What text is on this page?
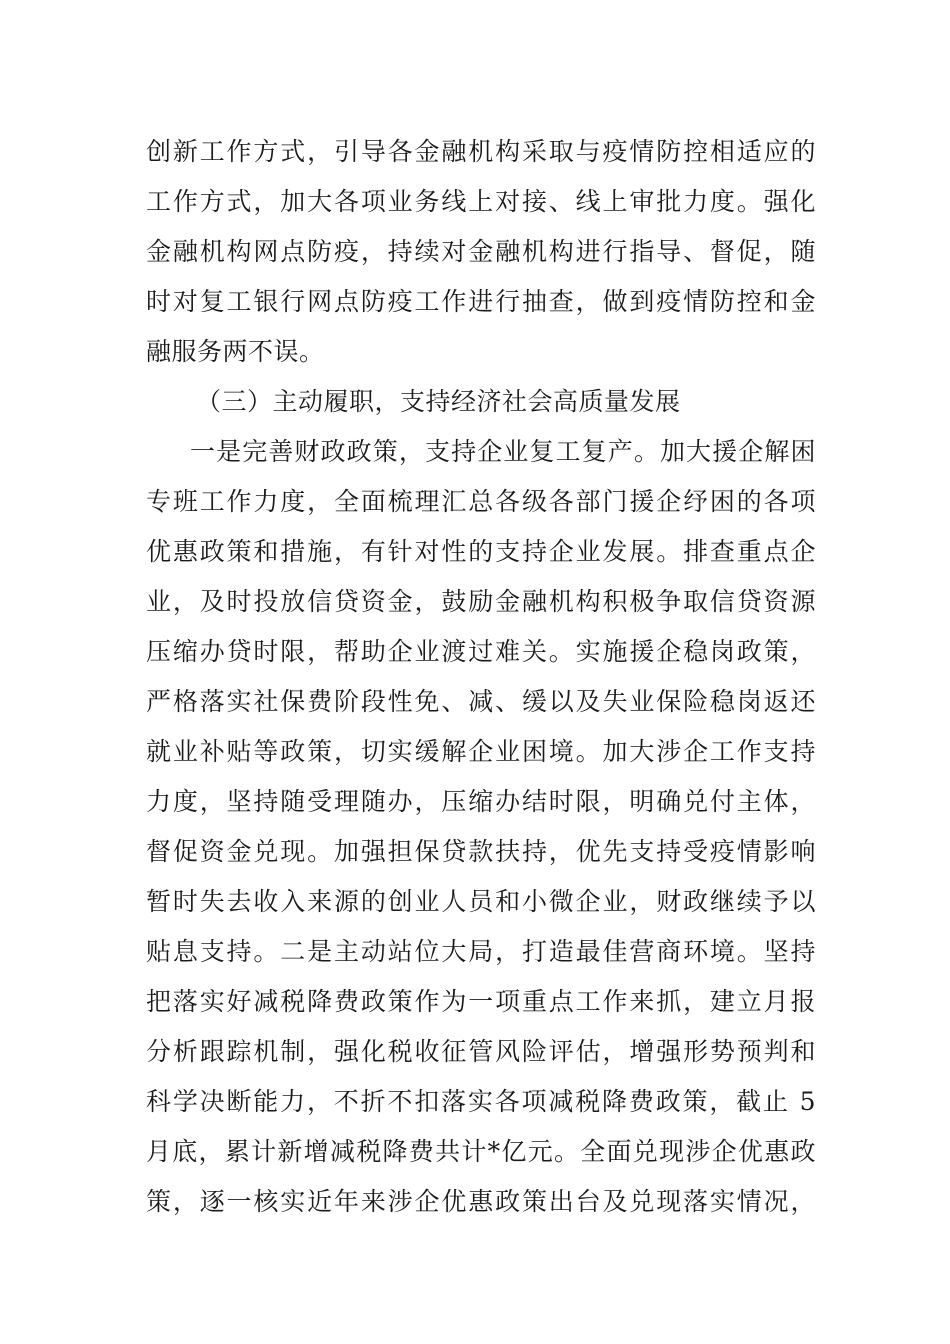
创新工作方式，引导各金融机构采取与疫情防控相适应的
工作方式，加大各项业务线上对接、线上审批力度。强化
金融机构网点防疫，持续对金融机构进行指导、督促，随
时对复工银行网点防疫工作进行抽查，做到疫情防控和金
融服务两不误。
（三）主动履职，支持经济社会高质量发展
一是完善财政政策，支持企业复工复产。加大援企解困
专班工作力度，全面梳理汇总各级各部门援企纾困的各项
优惠政策和措施，有针对性的支持企业发展。排查重点企
业，及时投放信贷资金，鼓励金融机构积极争取信贷资源
压缩办贷时限，帮助企业渡过难关。实施援企稳岗政策，
严格落实社保费阶段性免、减、缓以及失业保险稳岗返还
就业补贴等政策，切实缓解企业困境。加大涉企工作支持
力度，坚持随受理随办，压缩办结时限，明确兑付主体，
督促资金兑现。加强担保贷款扶持，优先支持受疫情影响
暂时失去收入来源的创业人员和小微企业，财政继续予以
贴息支持。二是主动站位大局，打造最佳营商环境。坚持
把落实好减税降费政策作为一项重点工作来抓，建立月报
分析跟踪机制，强化税收征管风险评估，增强形势预判和
科学决断能力，不折不扣落实各项减税降费政策，截止 5
月底，累计新增减税降费共计*亿元。全面兑现涉企优惠政
策，逐一核实近年来涉企优惠政策出台及兑现落实情况，
